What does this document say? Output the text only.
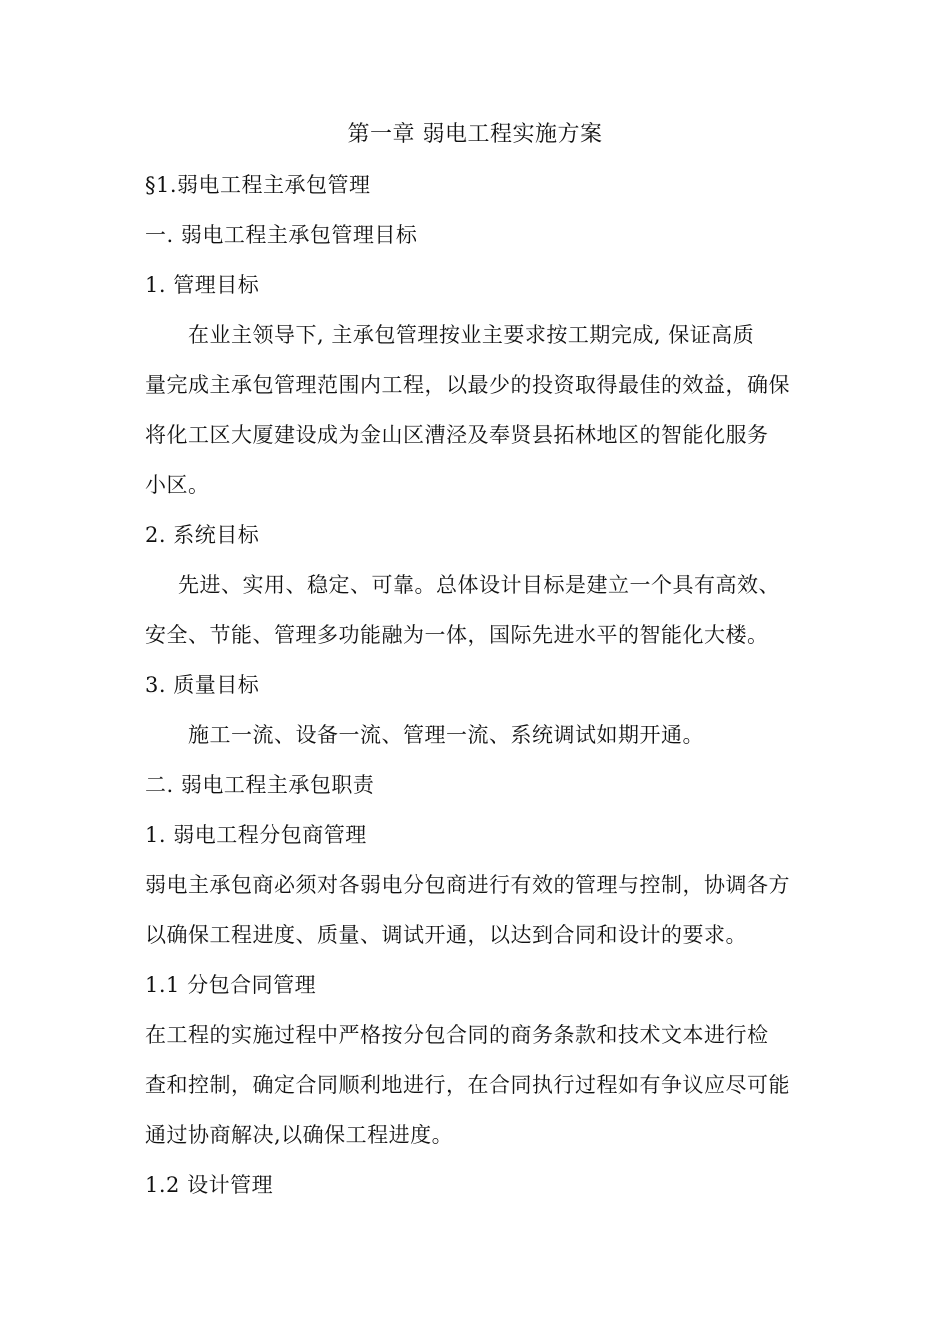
第一章 弱电工程实施方案
§1.弱电工程主承包管理
一. 弱电工程主承包管理目标
1. 管理目标
在业主领导下, 主承包管理按业主要求按工期完成, 保证高质
量完成主承包管理范围内工程，以最少的投资取得最佳的效益，确保
将化工区大厦建设成为金山区漕泾及奉贤县拓林地区的智能化服务
小区。
2. 系统目标
先进、实用、稳定、可靠。总体设计目标是建立一个具有高效、
安全、节能、管理多功能融为一体，国际先进水平的智能化大楼。
3. 质量目标
施工一流、设备一流、管理一流、系统调试如期开通。
二. 弱电工程主承包职责
1. 弱电工程分包商管理
弱电主承包商必须对各弱电分包商进行有效的管理与控制，协调各方
以确保工程进度、质量、调试开通，以达到合同和设计的要求。
1.1 分包合同管理
在工程的实施过程中严格按分包合同的商务条款和技术文本进行检
查和控制，确定合同顺利地进行，在合同执行过程如有争议应尽可能
通过协商解决,以确保工程进度。
1.2 设计管理
